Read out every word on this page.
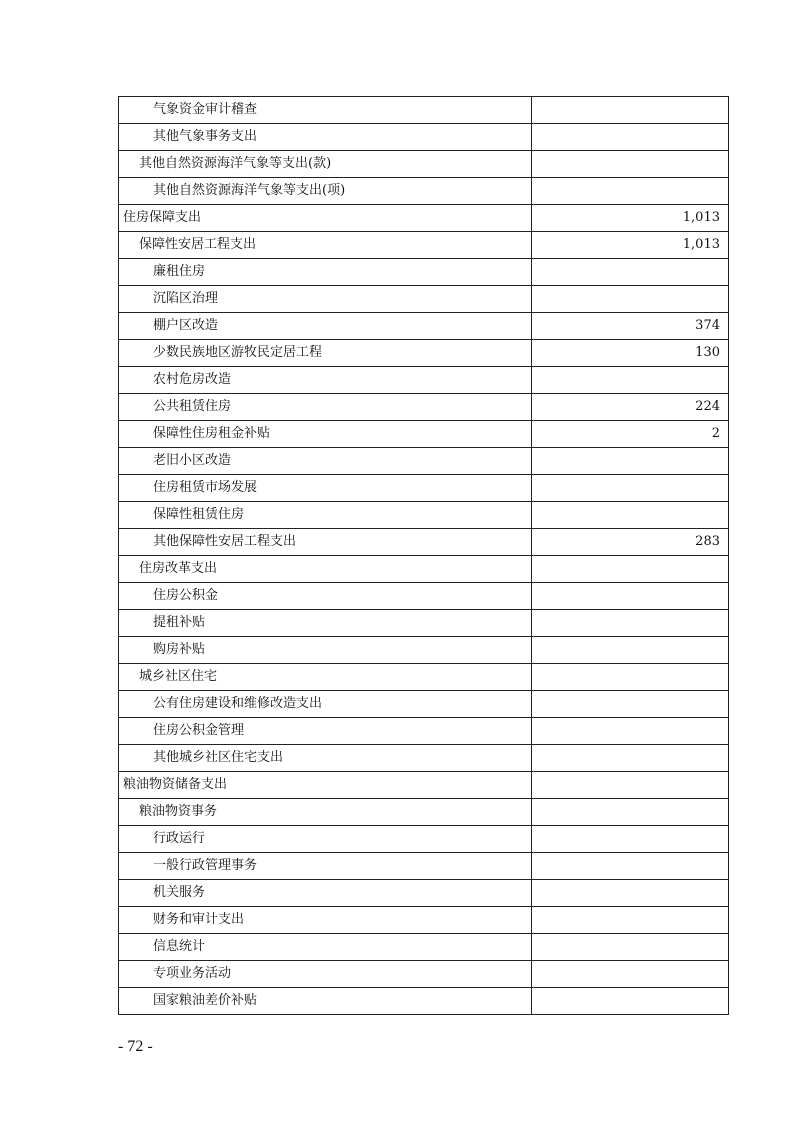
气象资金审计稽查	
其他气象事务支出	
其他自然资源海洋气象等支出(款)	
其他自然资源海洋气象等支出(项)	
住房保障支出	1,013
保障性安居工程支出	1,013
廉租住房	
沉陷区治理	
棚户区改造	374
少数民族地区游牧民定居工程	130
农村危房改造	
公共租赁住房	224
保障性住房租金补贴	2
老旧小区改造	
住房租赁市场发展	
保障性租赁住房	
其他保障性安居工程支出	283
住房改革支出	
住房公积金	
提租补贴	
购房补贴	
城乡社区住宅	
公有住房建设和维修改造支出	
住房公积金管理	
其他城乡社区住宅支出	
粮油物资储备支出	
粮油物资事务	
行政运行	
一般行政管理事务	
机关服务	
财务和审计支出	
信息统计	
专项业务活动	
国家粮油差价补贴	
- 72 -
